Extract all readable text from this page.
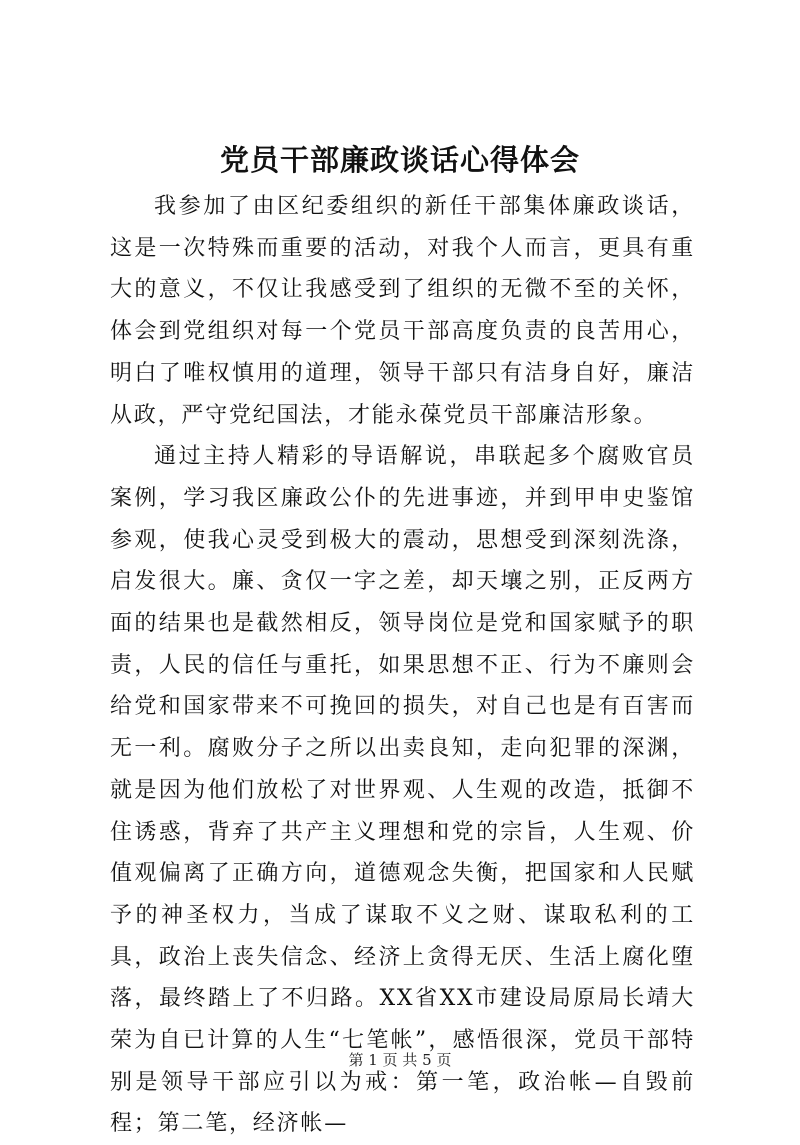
党员干部廉政谈话心得体会

我参加了由区纪委组织的新任干部集体廉政谈话，这是一次特殊而重要的活动，对我个人而言，更具有重大的意义，不仅让我感受到了组织的无微不至的关怀，体会到党组织对每一个党员干部高度负责的良苦用心，明白了唯权慎用的道理，领导干部只有洁身自好，廉洁从政，严守党纪国法，才能永葆党员干部廉洁形象。

通过主持人精彩的导语解说，串联起多个腐败官员案例，学习我区廉政公仆的先进事迹，并到甲申史鉴馆参观，使我心灵受到极大的震动，思想受到深刻洗涤，启发很大。廉、贪仅一字之差，却天壤之别，正反两方面的结果也是截然相反，领导岗位是党和国家赋予的职责，人民的信任与重托，如果思想不正、行为不廉则会给党和国家带来不可挽回的损失，对自己也是有百害而无一利。腐败分子之所以出卖良知，走向犯罪的深渊，就是因为他们放松了对世界观、人生观的改造，抵御不住诱惑，背弃了共产主义理想和党的宗旨，人生观、价值观偏离了正确方向，道德观念失衡，把国家和人民赋予的神圣权力，当成了谋取不义之财、谋取私利的工具，政治上丧失信念、经济上贪得无厌、生活上腐化堕落，最终踏上了不归路。XX省XX市建设局原局长靖大荣为自已计算的人生“七笔帐”，感悟很深，党员干部特别是领导干部应引以为戒：第一笔，政治帐—自毁前程；第二笔，经济帐—

第 1 页 共 5 页
